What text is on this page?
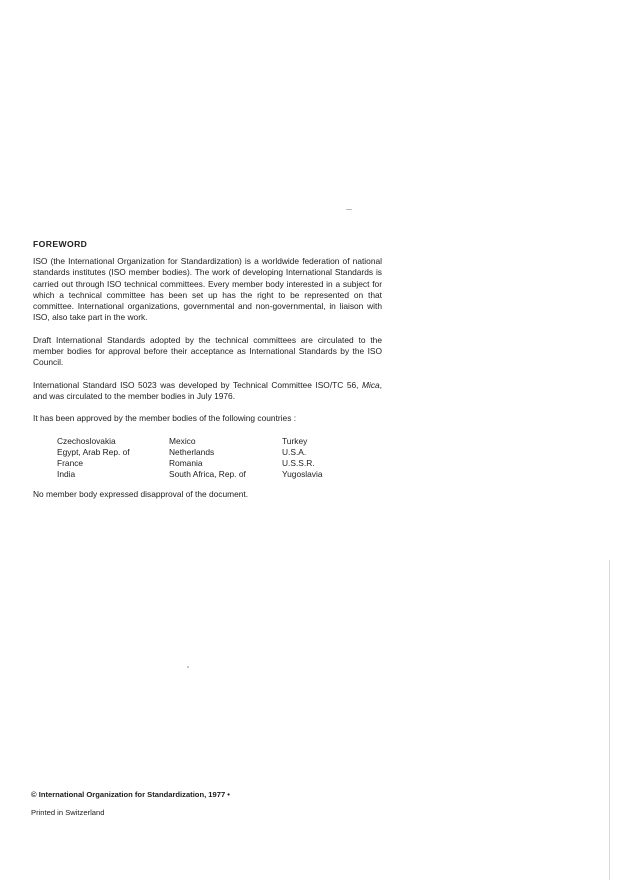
FOREWORD

ISO (the International Organization for Standardization) is a worldwide federation of national standards institutes (ISO member bodies). The work of developing International Standards is carried out through ISO technical committees. Every member body interested in a subject for which a technical committee has been set up has the right to be represented on that committee. International organizations, governmental and non-governmental, in liaison with ISO, also take part in the work.

Draft International Standards adopted by the technical committees are circulated to the member bodies for approval before their acceptance as International Standards by the ISO Council.

International Standard ISO 5023 was developed by Technical Committee ISO/TC 56, Mica, and was circulated to the member bodies in July 1976.

It has been approved by the member bodies of the following countries :

Czechoslovakia	Mexico	Turkey
Egypt, Arab Rep. of	Netherlands	U.S.A.
France	Romania	U.S.S.R.
India	South Africa, Rep. of	Yugoslavia

No member body expressed disapproval of the document.

© International Organization for Standardization, 1977 •
Printed in Switzerland
